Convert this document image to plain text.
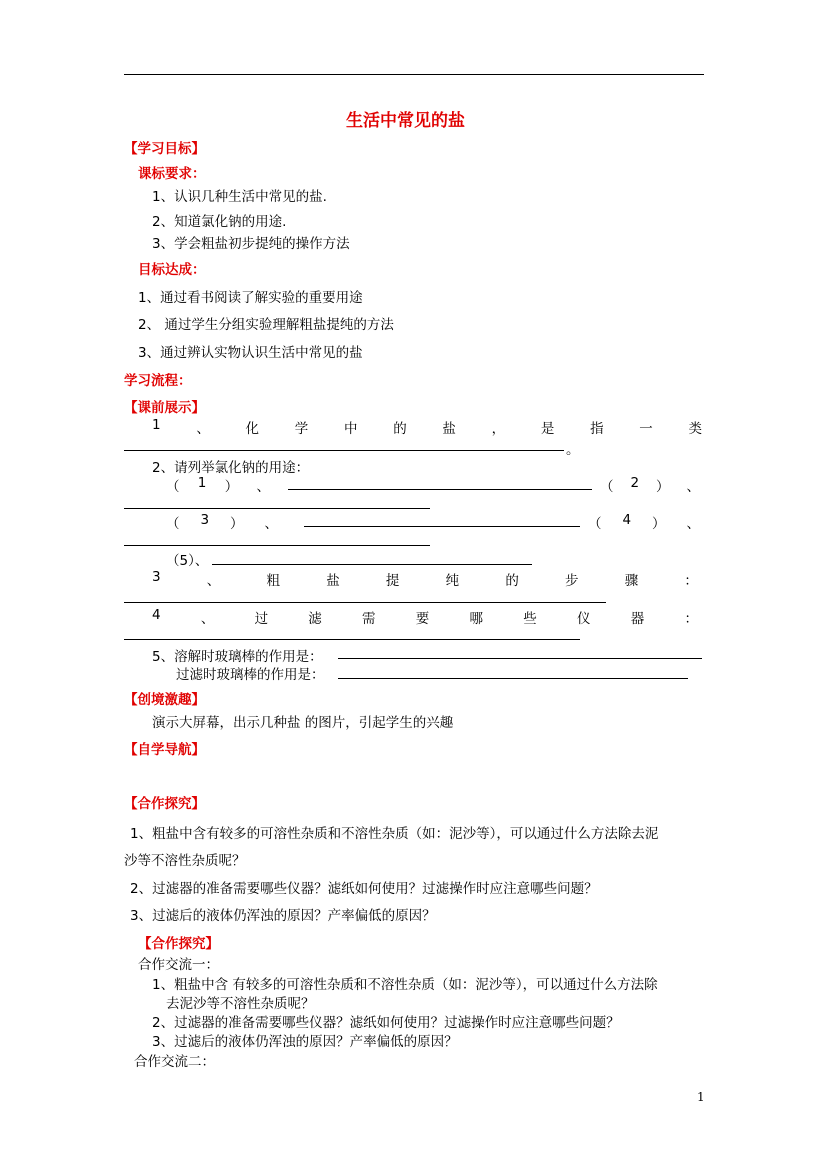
生活中常见的盐
【学习目标】
课标要求：
1、认识几种生活中常见的盐.
2、知道氯化钠的用途.
3、学会粗盐初步提纯的操作方法
目标达成：
1、通过看书阅读了解实验的重要用途
2、 通过学生分组实验理解粗盐提纯的方法
3、通过辨认实物认识生活中常见的盐
学习流程：
【课前展示】
1	、	化	学	中	的	盐	，	是	指	一	类
。
2、请列举氯化钠的用途：
（ 1 ） 、	（ 2 ） 、
（ 3 ） 、	（ 4 ） 、
（5）、
3	、	粗	盐	提	纯	的	步	骤	：
4	、	过	滤	需	要	哪	些	仪	器	：
5、溶解时玻璃棒的作用是：
过滤时玻璃棒的作用是：
【创境激趣】
演示大屏幕，出示几种盐 的图片，引起学生的兴趣
【自学导航】
【合作探究】
1、粗盐中含有较多的可溶性杂质和不溶性杂质（如：泥沙等），可以通过什么方法除去泥
沙等不溶性杂质呢？
2、过滤器的准备需要哪些仪器？滤纸如何使用？过滤操作时应注意哪些问题？
3、过滤后的液体仍浑浊的原因？产率偏低的原因？
【合作探究】
合作交流一：
1、粗盐中含 有较多的可溶性杂质和不溶性杂质（如：泥沙等），可以通过什么方法除
去泥沙等不溶性杂质呢？
2、过滤器的准备需要哪些仪器？滤纸如何使用？过滤操作时应注意哪些问题？
3、过滤后的液体仍浑浊的原因？产率偏低的原因？
合作交流二：
1
